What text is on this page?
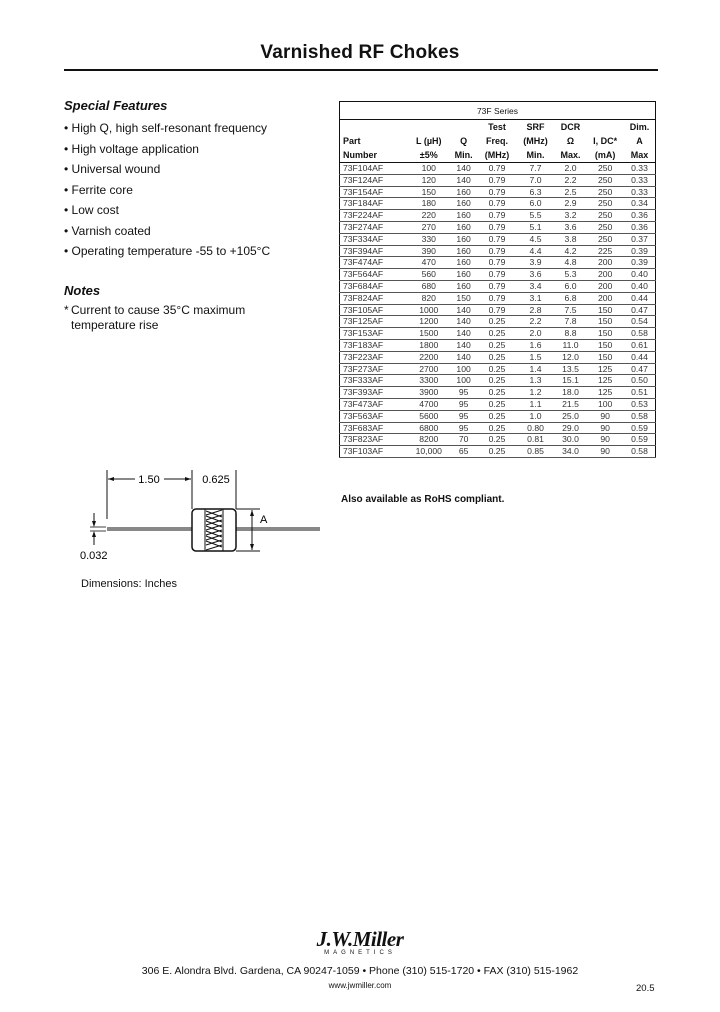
Varnished RF Chokes
Special Features
• High Q, high self-resonant frequency
• High voltage application
• Universal wound
• Ferrite core
• Low cost
• Varnish coated
• Operating temperature -55 to +105°C
Notes
* Current to cause 35°C maximum
temperature rise
73F Series							
			Test	SRF	DCR		Dim.
Part	L (µH)	Q	Freq.	(MHz)	Ω	I, DC*	A
Number	±5%	Min.	(MHz)	Min.	Max.	(mA)	Max
73F104AF	100	140	0.79	7.7	2.0	250	0.33
73F124AF	120	140	0.79	7.0	2.2	250	0.33
73F154AF	150	160	0.79	6.3	2.5	250	0.33
73F184AF	180	160	0.79	6.0	2.9	250	0.34
73F224AF	220	160	0.79	5.5	3.2	250	0.36
73F274AF	270	160	0.79	5.1	3.6	250	0.36
73F334AF	330	160	0.79	4.5	3.8	250	0.37
73F394AF	390	160	0.79	4.4	4.2	225	0.39
73F474AF	470	160	0.79	3.9	4.8	200	0.39
73F564AF	560	160	0.79	3.6	5.3	200	0.40
73F684AF	680	160	0.79	3.4	6.0	200	0.40
73F824AF	820	150	0.79	3.1	6.8	200	0.44
73F105AF	1000	140	0.79	2.8	7.5	150	0.47
73F125AF	1200	140	0.25	2.2	7.8	150	0.54
73F153AF	1500	140	0.25	2.0	8.8	150	0.58
73F183AF	1800	140	0.25	1.6	11.0	150	0.61
73F223AF	2200	140	0.25	1.5	12.0	150	0.44
73F273AF	2700	100	0.25	1.4	13.5	125	0.47
73F333AF	3300	100	0.25	1.3	15.1	125	0.50
73F393AF	3900	95	0.25	1.2	18.0	125	0.51
73F473AF	4700	95	0.25	1.1	21.5	100	0.53
73F563AF	5600	95	0.25	1.0	25.0	90	0.58
73F683AF	6800	95	0.25	0.80	29.0	90	0.59
73F823AF	8200	70	0.25	0.81	30.0	90	0.59
73F103AF	10,000	65	0.25	0.85	34.0	90	0.58
Also available as RoHS compliant.
1.50	0.625
A
0.032
Dimensions: Inches
J.W.Miller
MAGNETICS
306 E. Alondra Blvd. Gardena, CA 90247-1059 • Phone (310) 515-1720 • FAX (310) 515-1962
www.jwmiller.com	20.5
